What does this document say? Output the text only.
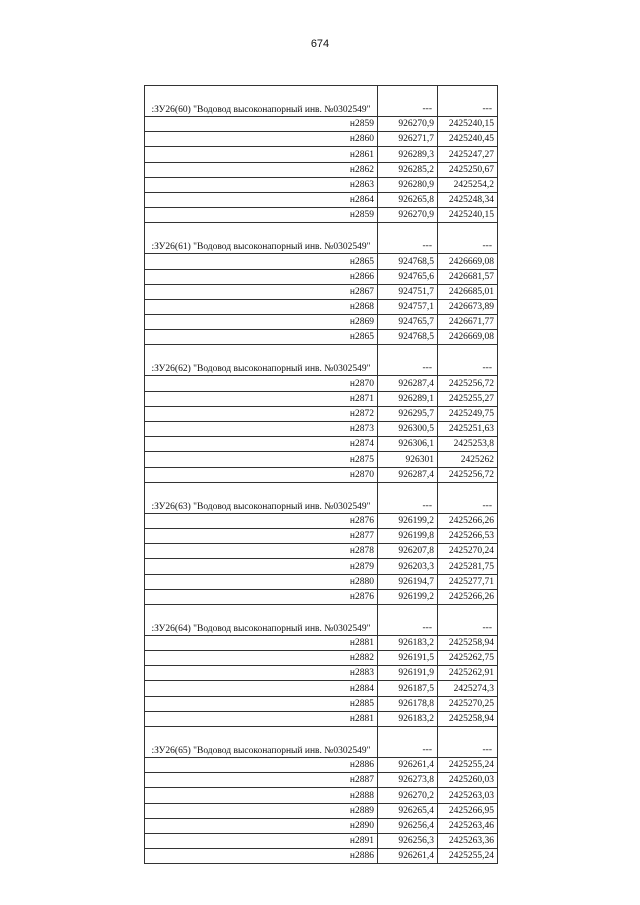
674
:ЗУ26(60) "Водовод высоконапорный инв. №0302549"	---	---
н2859	926270,9	2425240,15
н2860	926271,7	2425240,45
н2861	926289,3	2425247,27
н2862	926285,2	2425250,67
н2863	926280,9	2425254,2
н2864	926265,8	2425248,34
н2859	926270,9	2425240,15
:ЗУ26(61) "Водовод высоконапорный инв. №0302549"	---	---
н2865	924768,5	2426669,08
н2866	924765,6	2426681,57
н2867	924751,7	2426685,01
н2868	924757,1	2426673,89
н2869	924765,7	2426671,77
н2865	924768,5	2426669,08
:ЗУ26(62) "Водовод высоконапорный инв. №0302549"	---	---
н2870	926287,4	2425256,72
н2871	926289,1	2425255,27
н2872	926295,7	2425249,75
н2873	926300,5	2425251,63
н2874	926306,1	2425253,8
н2875	926301	2425262
н2870	926287,4	2425256,72
:ЗУ26(63) "Водовод высоконапорный инв. №0302549"	---	---
н2876	926199,2	2425266,26
н2877	926199,8	2425266,53
н2878	926207,8	2425270,24
н2879	926203,3	2425281,75
н2880	926194,7	2425277,71
н2876	926199,2	2425266,26
:ЗУ26(64) "Водовод высоконапорный инв. №0302549"	---	---
н2881	926183,2	2425258,94
н2882	926191,5	2425262,75
н2883	926191,9	2425262,91
н2884	926187,5	2425274,3
н2885	926178,8	2425270,25
н2881	926183,2	2425258,94
:ЗУ26(65) "Водовод высоконапорный инв. №0302549"	---	---
н2886	926261,4	2425255,24
н2887	926273,8	2425260,03
н2888	926270,2	2425263,03
н2889	926265,4	2425266,95
н2890	926256,4	2425263,46
н2891	926256,3	2425263,36
н2886	926261,4	2425255,24
